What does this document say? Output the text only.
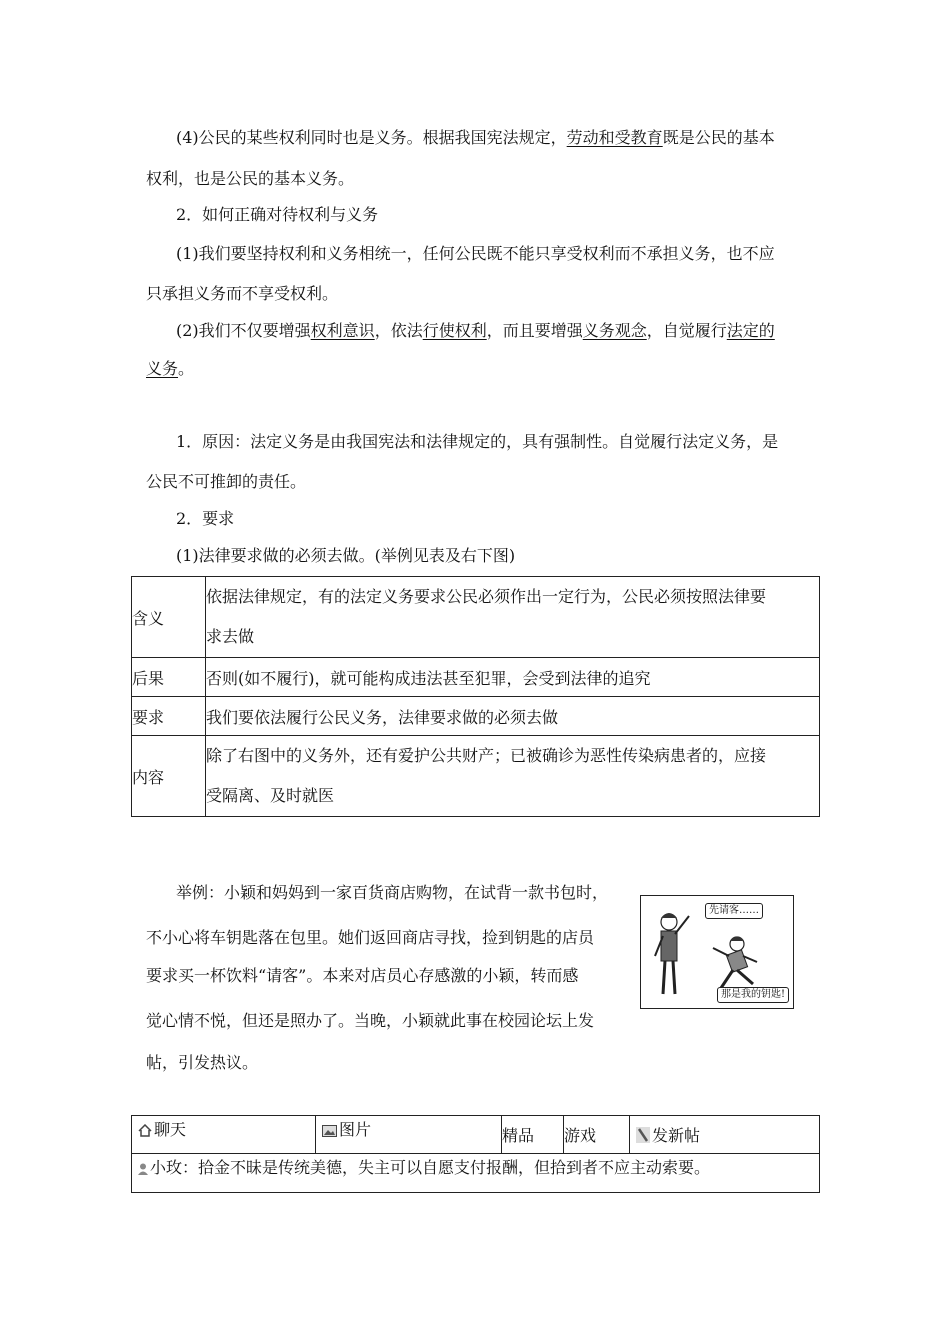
(4)公民的某些权利同时也是义务。根据我国宪法规定，劳动和受教育既是公民的基本
权利，也是公民的基本义务。
2．如何正确对待权利与义务
(1)我们要坚持权利和义务相统一，任何公民既不能只享受权利而不承担义务，也不应
只承担义务而不享受权利。
(2)我们不仅要增强权利意识，依法行使权利，而且要增强义务观念，自觉履行法定的
义务。
1．原因：法定义务是由我国宪法和法律规定的，具有强制性。自觉履行法定义务，是
公民不可推卸的责任。
2．要求
(1)法律要求做的必须去做。(举例见表及右下图)
含义	依据法律规定，有的法定义务要求公民必须作出一定行为，公民必须按照法律要
求去做

后果	否则(如不履行)，就可能构成违法甚至犯罪，会受到法律的追究
要求	我们要依法履行公民义务，法律要求做的必须去做
内容	除了右图中的义务外，还有爱护公共财产；已被确诊为恶性传染病患者的，应接
受隔离、及时就医
举例：小颖和妈妈到一家百货商店购物，在试背一款书包时，
不小心将车钥匙落在包里。她们返回商店寻找，捡到钥匙的店员
要求买一杯饮料“请客”。本来对店员心存感激的小颖，转而感
觉心情不悦，但还是照办了。当晚，小颖就此事在校园论坛上发
帖，引发热议。
先请客……
那是我的钥匙!
聊天	图片	精品	游戏	发新帖
小玫：拾金不昧是传统美德，失主可以自愿支付报酬，但拾到者不应主动索要。
